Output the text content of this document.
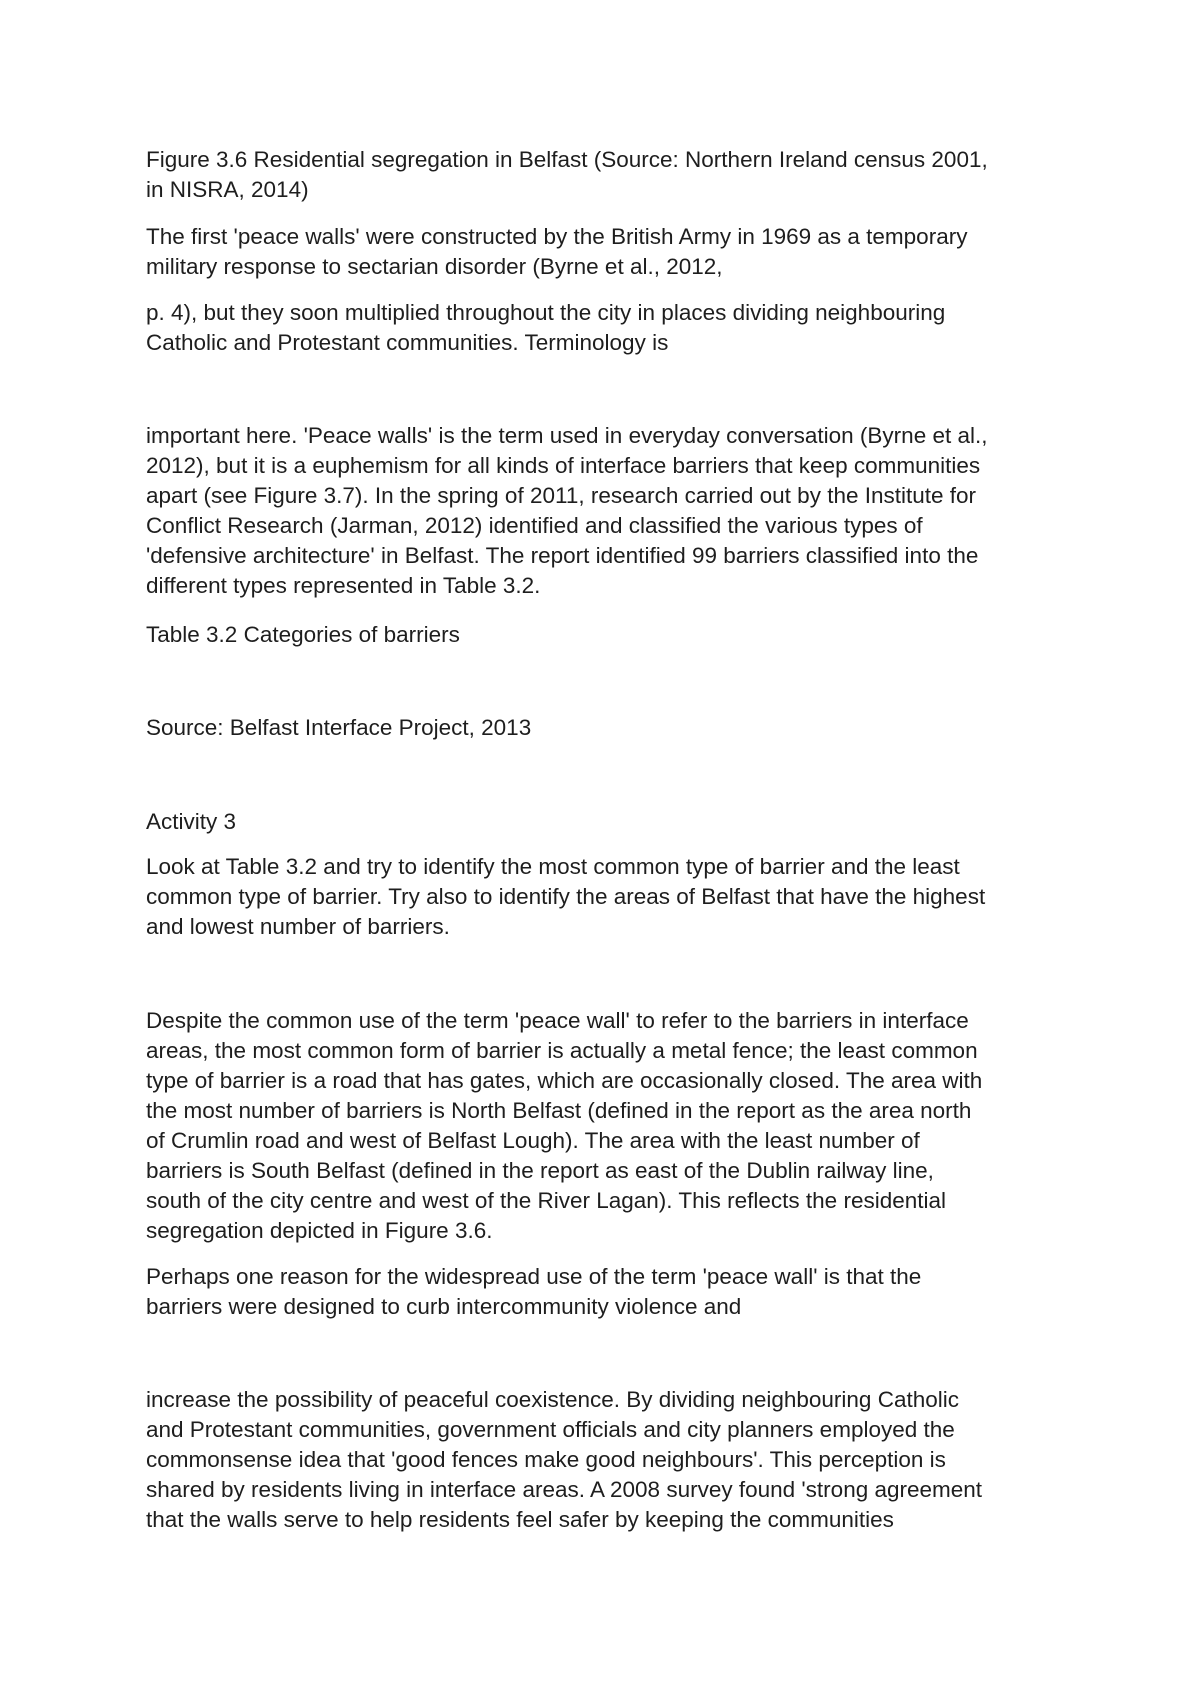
Figure 3.6 Residential segregation in Belfast (Source: Northern Ireland census 2001,
in NISRA, 2014)

The first 'peace walls' were constructed by the British Army in 1969 as a temporary
military response to sectarian disorder (Byrne et al., 2012,

p. 4), but they soon multiplied throughout the city in places dividing neighbouring
Catholic and Protestant communities. Terminology is

important here. 'Peace walls' is the term used in everyday conversation (Byrne et al.,
2012), but it is a euphemism for all kinds of interface barriers that keep communities
apart (see Figure 3.7). In the spring of 2011, research carried out by the Institute for
Conflict Research (Jarman, 2012) identified and classified the various types of
'defensive architecture' in Belfast. The report identified 99 barriers classified into the
different types represented in Table 3.2.

Table 3.2 Categories of barriers

Source: Belfast Interface Project, 2013

Activity 3

Look at Table 3.2 and try to identify the most common type of barrier and the least
common type of barrier. Try also to identify the areas of Belfast that have the highest
and lowest number of barriers.

Despite the common use of the term 'peace wall' to refer to the barriers in interface
areas, the most common form of barrier is actually a metal fence; the least common
type of barrier is a road that has gates, which are occasionally closed. The area with
the most number of barriers is North Belfast (defined in the report as the area north
of Crumlin road and west of Belfast Lough). The area with the least number of
barriers is South Belfast (defined in the report as east of the Dublin railway line,
south of the city centre and west of the River Lagan). This reflects the residential
segregation depicted in Figure 3.6.

Perhaps one reason for the widespread use of the term 'peace wall' is that the
barriers were designed to curb intercommunity violence and

increase the possibility of peaceful coexistence. By dividing neighbouring Catholic
and Protestant communities, government officials and city planners employed the
commonsense idea that 'good fences make good neighbours'. This perception is
shared by residents living in interface areas. A 2008 survey found 'strong agreement
that the walls serve to help residents feel safer by keeping the communities
